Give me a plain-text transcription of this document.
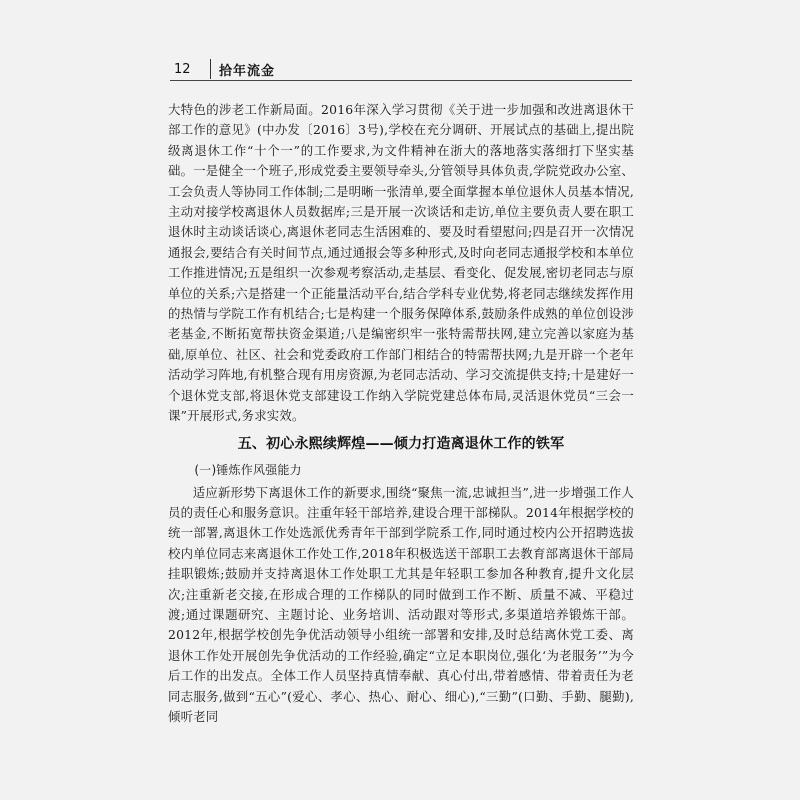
12	拾年流金

大特色的涉老工作新局面。2016年深入学习贯彻《关于进一步加强和改进离退休干部工作的意见》(中办发〔2016〕3号),学校在充分调研、开展试点的基础上,提出院级离退休工作“十个一”的工作要求,为文件精神在浙大的落地落实落细打下坚实基础。一是健全一个班子,形成党委主要领导牵头,分管领导具体负责,学院党政办公室、工会负责人等协同工作体制;二是明晰一张清单,要全面掌握本单位退休人员基本情况,主动对接学校离退休人员数据库;三是开展一次谈话和走访,单位主要负责人要在职工退休时主动谈话谈心,离退休老同志生活困难的、要及时看望慰问;四是召开一次情况通报会,要结合有关时间节点,通过通报会等多种形式,及时向老同志通报学校和本单位工作推进情况;五是组织一次参观考察活动,走基层、看变化、促发展,密切老同志与原单位的关系;六是搭建一个正能量活动平台,结合学科专业优势,将老同志继续发挥作用的热情与学院工作有机结合;七是构建一个服务保障体系,鼓励条件成熟的单位创设涉老基金,不断拓宽帮扶资金渠道;八是编密织牢一张特需帮扶网,建立完善以家庭为基础,原单位、社区、社会和党委政府工作部门相结合的特需帮扶网;九是开辟一个老年活动学习阵地,有机整合现有用房资源,为老同志活动、学习交流提供支持;十是建好一个退休党支部,将退休党支部建设工作纳入学院党建总体布局,灵活退休党员“三会一课”开展形式,务求实效。

五、初心永熙续辉煌——倾力打造离退休工作的铁军
(一)锤炼作风强能力

适应新形势下离退休工作的新要求,围绕“聚焦一流,忠诚担当”,进一步增强工作人员的责任心和服务意识。注重年轻干部培养,建设合理干部梯队。2014年根据学校的统一部署,离退休工作处选派优秀青年干部到学院系工作,同时通过校内公开招聘选拔校内单位同志来离退休工作处工作,2018年积极选送干部职工去教育部离退休干部局挂职锻炼;鼓励并支持离退休工作处职工尤其是年轻职工参加各种教育,提升文化层次;注重新老交接,在形成合理的工作梯队的同时做到工作不断、质量不减、平稳过渡;通过课题研究、主题讨论、业务培训、活动跟对等形式,多渠道培养锻炼干部。2012年,根据学校创先争优活动领导小组统一部署和安排,及时总结离休党工委、离退休工作处开展创先争优活动的工作经验,确定“立足本职岗位,强化‘为老服务’”为今后工作的出发点。全体工作人员坚持真情奉献、真心付出,带着感情、带着责任为老同志服务,做到“五心”(爱心、孝心、热心、耐心、细心),“三勤”(口勤、手勤、腿勤),倾听老同
